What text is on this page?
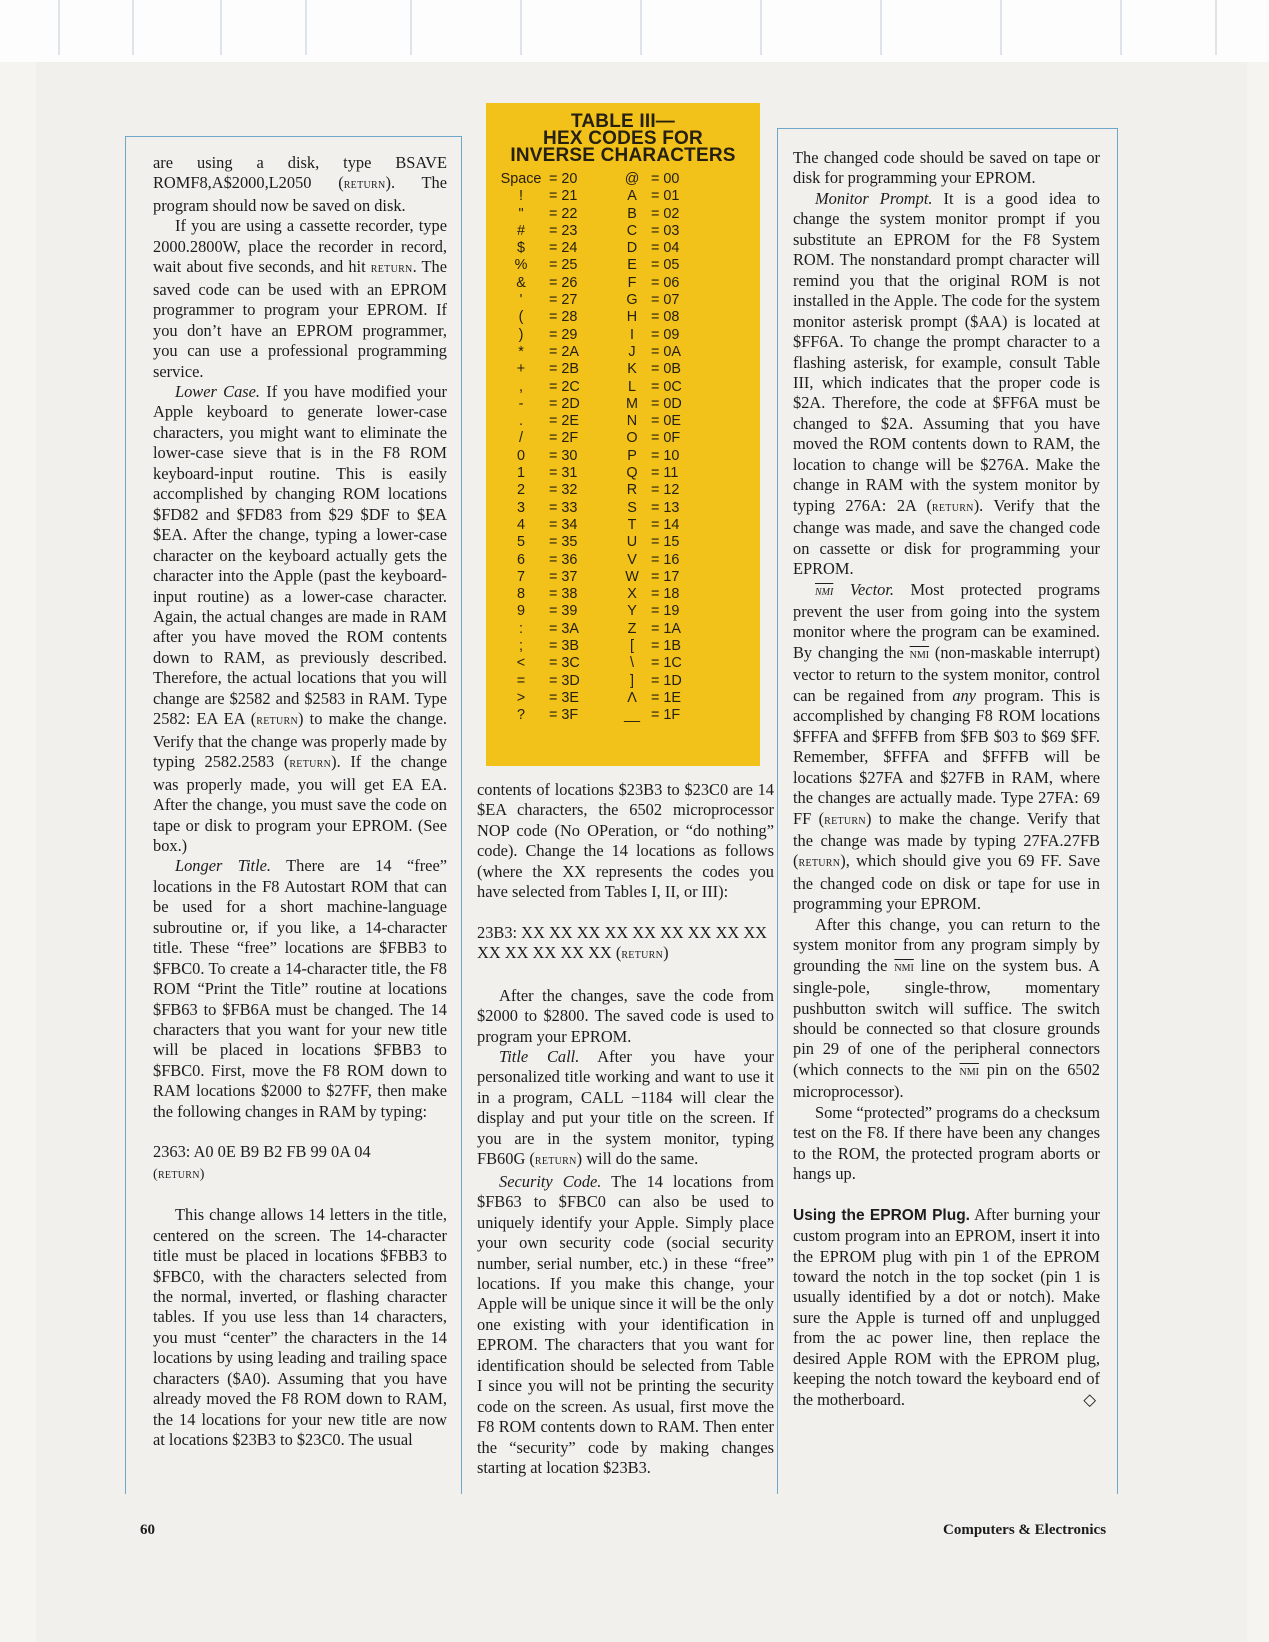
are using a disk, type BSAVE ROMF8,A$2000,L2050 (return). The program should now be saved on disk.

If you are using a cassette recorder, type 2000.2800W, place the recorder in record, wait about five seconds, and hit return. The saved code can be used with an EPROM programmer to program your EPROM. If you don’t have an EPROM programmer, you can use a professional programming service.

Lower Case. If you have modified your Apple keyboard to generate lower-case characters, you might want to eliminate the lower-case sieve that is in the F8 ROM keyboard-input routine. This is easily accomplished by changing ROM locations $FD82 and $FD83 from $29 $DF to $EA $EA. After the change, typing a lower-case character on the keyboard actually gets the character into the Apple (past the keyboard-input routine) as a lower-case character. Again, the actual changes are made in RAM after you have moved the ROM contents down to RAM, as previously described. Therefore, the actual locations that you will change are $2582 and $2583 in RAM. Type 2582: EA EA (return) to make the change. Verify that the change was properly made by typing 2582.2583 (return). If the change was properly made, you will get EA EA. After the change, you must save the code on tape or disk to program your EPROM. (See box.)

Longer Title. There are 14 “free” locations in the F8 Autostart ROM that can be used for a short machine-language subroutine or, if you like, a 14-character title. These “free” locations are $FBB3 to $FBC0. To create a 14-character title, the F8 ROM “Print the Title” routine at locations $FB63 to $FB6A must be changed. The 14 characters that you want for your new title will be placed in locations $FBB3 to $FBC0. First, move the F8 ROM down to RAM locations $2000 to $27FF, then make the following changes in RAM by typing:

2363: A0 0E B9 B2 FB 99 0A 04
(return)

This change allows 14 letters in the title, centered on the screen. The 14-character title must be placed in locations $FBB3 to $FBC0, with the characters selected from the normal, inverted, or flashing character tables. If you use less than 14 characters, you must “center” the characters in the 14 locations by using leading and trailing space characters ($A0). Assuming that you have already moved the F8 ROM down to RAM, the 14 locations for your new title are now at locations $23B3 to $23C0. The usual

TABLE III—
HEX CODES FOR
INVERSE CHARACTERS
Space = 20	@ = 00
!	= 21	A = 01
"	= 22	B = 02
#	= 23	C = 03
$	= 24	D = 04
%	= 25	E = 05
&	= 26	F	= 06
'	= 27	G = 07
(	= 28	H = 08
)	= 29	I	= 09
*	= 2A	J	= 0A
+	= 2B	K = 0B
,	= 2C	L	= 0C
-	= 2D	M = 0D
.	= 2E	N = 0E
/	= 2F	O = 0F
0	= 30	P = 10
1	= 31	Q = 11
2	= 32	R = 12
3	= 33	S = 13
4	= 34	T	= 14
5	= 35	U = 15
6	= 36	V = 16
7	= 37	W = 17
8	= 38	X = 18
9	= 39	Y = 19
:	= 3A	Z	= 1A
;	= 3B	[	= 1B
<	= 3C	\	= 1C
=	= 3D	]	= 1D
>	= 3E	Λ = 1E
?	= 3F	__ = 1F

contents of locations $23B3 to $23C0 are 14 $EA characters, the 6502 microprocessor NOP code (No OPeration, or “do nothing” code). Change the 14 locations as follows (where the XX represents the codes you have selected from Tables I, II, or III):

23B3: XX XX XX XX XX XX XX XX XX XX XX XX XX XX (return)

After the changes, save the code from $2000 to $2800. The saved code is used to program your EPROM.

Title Call. After you have your personalized title working and want to use it in a program, CALL −1184 will clear the display and put your title on the screen. If you are in the system monitor, typing FB60G (return) will do the same.

Security Code. The 14 locations from $FB63 to $FBC0 can also be used to uniquely identify your Apple. Simply place your own security code (social security number, serial number, etc.) in these “free” locations. If you make this change, your Apple will be unique since it will be the only one existing with your identification in EPROM. The characters that you want for identification should be selected from Table I since you will not be printing the security code on the screen. As usual, first move the F8 ROM contents down to RAM. Then enter the “security” code by making changes starting at location $23B3.

The changed code should be saved on tape or disk for programming your EPROM.

Monitor Prompt. It is a good idea to change the system monitor prompt if you substitute an EPROM for the F8 System ROM. The nonstandard prompt character will remind you that the original ROM is not installed in the Apple. The code for the system monitor asterisk prompt ($AA) is located at $FF6A. To change the prompt character to a flashing asterisk, for example, consult Table III, which indicates that the proper code is $2A. Therefore, the code at $FF6A must be changed to $2A. Assuming that you have moved the ROM contents down to RAM, the location to change will be $276A. Make the change in RAM with the system monitor by typing 276A: 2A (return). Verify that the change was made, and save the changed code on cassette or disk for programming your EPROM.

$\overline{nmi}$ Vector. Most protected programs prevent the user from going into the system monitor where the program can be examined. By changing the $\overline{nmi}$ (non-maskable interrupt) vector to return to the system monitor, control can be regained from any program. This is accomplished by changing F8 ROM locations $FFFA and $FFFB from $FB $03 to $69 $FF. Remember, $FFFA and $FFFB will be locations $27FA and $27FB in RAM, where the changes are actually made. Type 27FA: 69 FF (return) to make the change. Verify that the change was made by typing 27FA.27FB (return), which should give you 69 FF. Save the changed code on disk or tape for use in programming your EPROM.

After this change, you can return to the system monitor from any program simply by grounding the $\overline{nmi}$ line on the system bus. A single-pole, single-throw, momentary pushbutton switch will suffice. The switch should be connected so that closure grounds pin 29 of one of the peripheral connectors (which connects to the $\overline{nmi}$ pin on the 6502 microprocessor).

Some “protected” programs do a checksum test on the F8. If there have been any changes to the ROM, the protected program aborts or hangs up.

Using the EPROM Plug. After burning your custom program into an EPROM, insert it into the EPROM plug with pin 1 of the EPROM toward the notch in the top socket (pin 1 is usually identified by a dot or notch). Make sure the Apple is turned off and unplugged from the ac power line, then replace the desired Apple ROM with the EPROM plug, keeping the notch toward the keyboard end of the motherboard.	◇

60	Computers & Electronics
